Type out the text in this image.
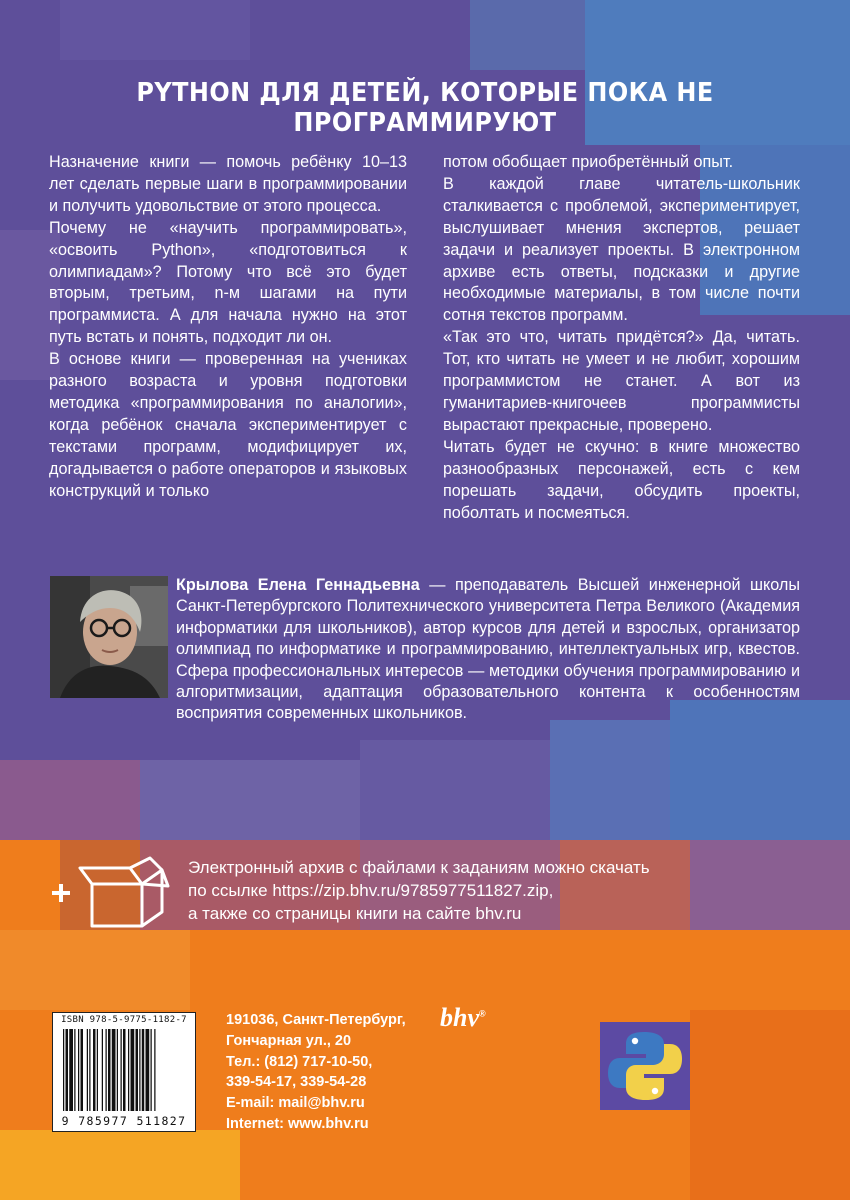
PYTHON ДЛЯ ДЕТЕЙ, КОТОРЫЕ ПОКА НЕ ПРОГРАММИРУЮТ

Назначение книги — помочь ребёнку 10–13 лет сделать первые шаги в программировании и получить удовольствие от этого процесса.

Почему не «научить программировать», «освоить Python», «подготовиться к олимпиадам»? Потому что всё это будет вторым, третьим, n-м шагами на пути программиста. А для начала нужно на этот путь встать и понять, подходит ли он.

В основе книги — проверенная на учениках разного возраста и уровня подготовки методика «программирования по аналогии», когда ребёнок сначала экспериментирует с текстами программ, модифицирует их, догадывается о работе операторов и языковых конструкций и только

потом обобщает приобретённый опыт.

В каждой главе читатель-школьник сталкивается с проблемой, экспериментирует, выслушивает мнения экспертов, решает задачи и реализует проекты. В электронном архиве есть ответы, подсказки и другие необходимые материалы, в том числе почти сотня текстов программ.

«Так это что, читать придётся?» Да, читать. Тот, кто читать не умеет и не любит, хорошим программистом не станет. А вот из гуманитариев-книгочеев программисты вырастают прекрасные, проверено.

Читать будет не скучно: в книге множество разнообразных персонажей, есть с кем порешать задачи, обсудить проекты, поболтать и посмеяться.

Крылова Елена Геннадьевна — преподаватель Высшей инженерной школы Санкт-Петербургского Политехнического университета Петра Великого (Академия информатики для школьников), автор курсов для детей и взрослых, организатор олимпиад по информатике и программированию, интеллектуальных игр, квестов. Сфера профессиональных интересов — методики обучения программированию и алгоритмизации, адаптация образовательного контента к особенностям восприятия современных школьников.
Электронный архив с файлами к заданиям можно скачать
по ссылке https://zip.bhv.ru/9785977511827.zip,
а также со страницы книги на сайте bhv.ru
ISBN 978-5-9775-1182-7
9 785977 511827
191036, Санкт-Петербург,
Гончарная ул., 20
Тел.: (812) 717-10-50,
339-54-17, 339-54-28
E-mail: mail@bhv.ru
Internet: www.bhv.ru
bhv®
